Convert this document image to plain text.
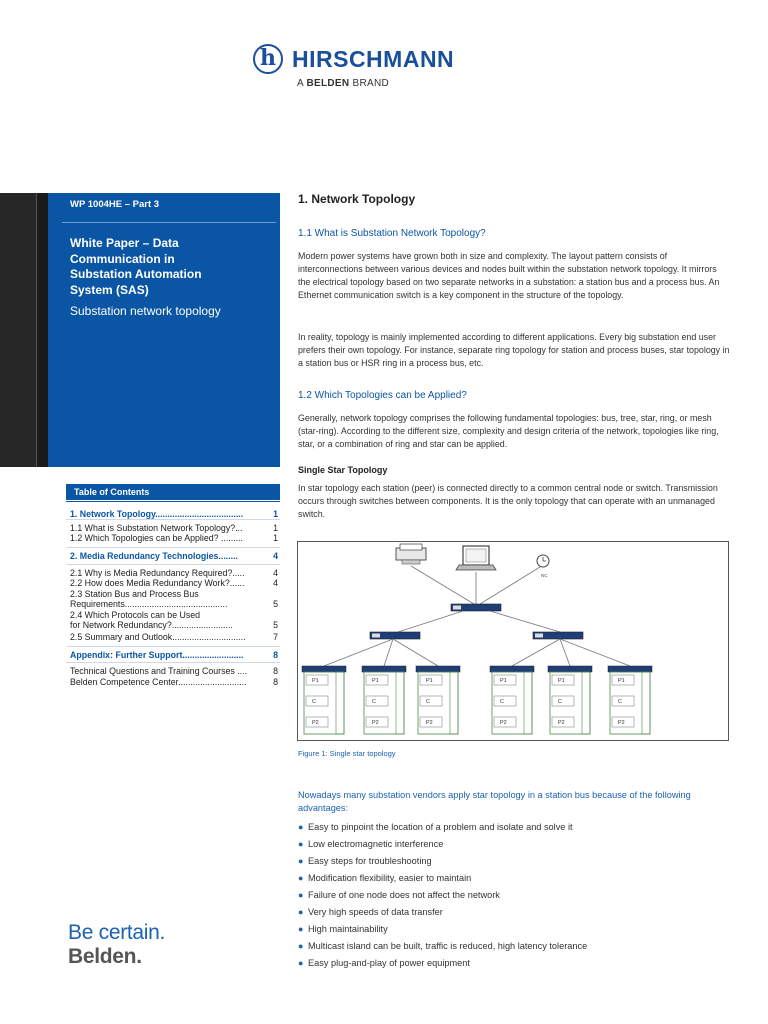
h HIRSCHMANN
A BELDEN BRAND
WP 1004HE – Part 3
White Paper – Data
Communication in
Substation Automation
System (SAS)
Substation network topology
Table of Contents
1. Network Topology....................................	1
1.1 What is Substation Network Topology?...	1
1.2 Which Topologies can be Applied? .........	1
2. Media Redundancy Technologies........	4
2.1 Why is Media Redundancy Required?.....	4
2.2 How does Media Redundancy Work?......	4
2.3 Station Bus and Process Bus
Requirements..........................................	5
2.4 Which Protocols can be Used
for Network Redundancy?.........................	5
2.5 Summary and Outlook..............................	7
Appendix: Further Support.........................	8
Technical Questions and Training Courses ....	8
Belden Competence Center............................	8
Be certain.
Belden.
1. Network Topology
1.1 What is Substation Network Topology?

Modern power systems have grown both in size and complexity. The layout pattern consists of interconnections between various devices and nodes built within the substation network topology. It mirrors the electrical topology based on two separate networks in a substation: a station bus and a process bus. An Ethernet communication switch is a key component in the structure of the topology.

In reality, topology is mainly implemented according to different applications. Every big substation end user prefers their own topology. For instance, separate ring topology for station and process buses, star topology in a station bus or HSR ring in a process bus, etc.

1.2 Which Topologies can be Applied?

Generally, network topology comprises the following fundamental topologies: bus, tree, star, ring, or mesh (star-ring). According to the different size, complexity and design criteria of the network, topologies like ring, star, or a combination of ring and star can be applied.

Single Star Topology

In star topology each station (peer) is connected directly to a common central node or switch. Transmission occurs through switches between components. It is the only topology that can operate with an unmanaged switch.

NC
P1
C
P2
P1
C
P2
P1
C
P2
P1
C
P2
P1
C
P2
P1
C
P2
Figure 1: Single star topology
Nowadays many substation vendors apply star topology in a station bus because of the following advantages:
● Easy to pinpoint the location of a problem and isolate and solve it
● Low electromagnetic interference
● Easy steps for troubleshooting
● Modification flexibility, easier to maintain
● Failure of one node does not affect the network
● Very high speeds of data transfer
● High maintainability
● Multicast island can be built, traffic is reduced, high latency tolerance
● Easy plug-and-play of power equipment
